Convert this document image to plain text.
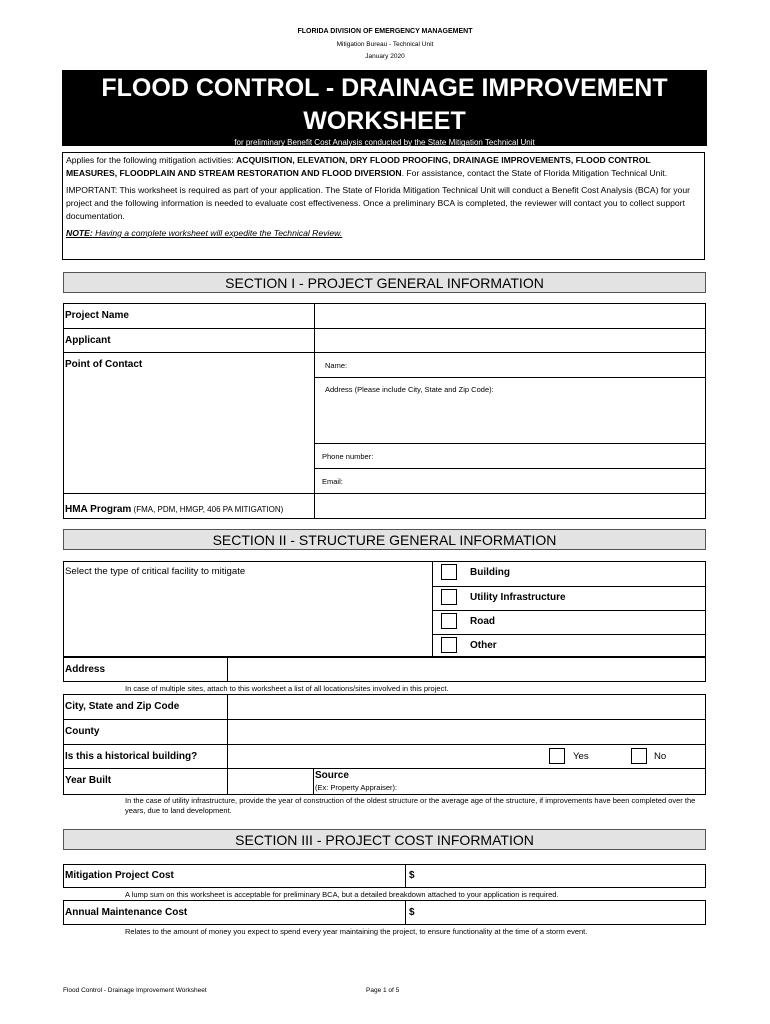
FLORIDA DIVISION OF EMERGENCY MANAGEMENT
Mitigation Bureau - Technical Unit
January 2020
FLOOD CONTROL - DRAINAGE IMPROVEMENT
WORKSHEET
for preliminary Benefit Cost Analysis conducted by the State Mitigation Technical Unit

Applies for the following mitigation activities: ACQUISITION, ELEVATION, DRY FLOOD PROOFING, DRAINAGE IMPROVEMENTS, FLOOD CONTROL MEASURES, FLOODPLAIN AND STREAM RESTORATION AND FLOOD DIVERSION. For assistance, contact the State of Florida Mitigation Technical Unit.

IMPORTANT: This worksheet is required as part of your application. The State of Florida Mitigation Technical Unit will conduct a Benefit Cost Analysis (BCA) for your project and the following information is needed to evaluate cost effectiveness. Once a preliminary BCA is completed, the reviewer will contact you to collect support documentation.

NOTE: Having a complete worksheet will expedite the Technical Review.

SECTION I - PROJECT GENERAL INFORMATION
Project Name
Applicant
Point of Contact	Name:
Address (Please include City, State and Zip Code):
Phone number:
Email:
HMA Program (FMA, PDM, HMGP, 406 PA MITIGATION)
SECTION II - STRUCTURE GENERAL INFORMATION
Select the type of critical facility to mitigate	Building
Utility Infrastructure
Road
Other
Address
In case of multiple sites, attach to this worksheet a list of all locations/sites involved in this project.
City, State and Zip Code
County
Is this a historical building?	Yes	No
Year Built	Source
(Ex: Property Appraiser):
In the case of utility infrastructure, provide the year of construction of the oldest structure or the average age of the structure, if improvements have been completed over the years, due to land development.
SECTION III - PROJECT COST INFORMATION
Mitigation Project Cost	$
A lump sum on this worksheet is acceptable for preliminary BCA, but a detailed breakdown attached to your application is required.
Annual Maintenance Cost	$
Relates to the amount of money you expect to spend every year maintaining the project, to ensure functionality at the time of a storm event.
Flood Control - Drainage Improvement Worksheet	Page 1 of 5
